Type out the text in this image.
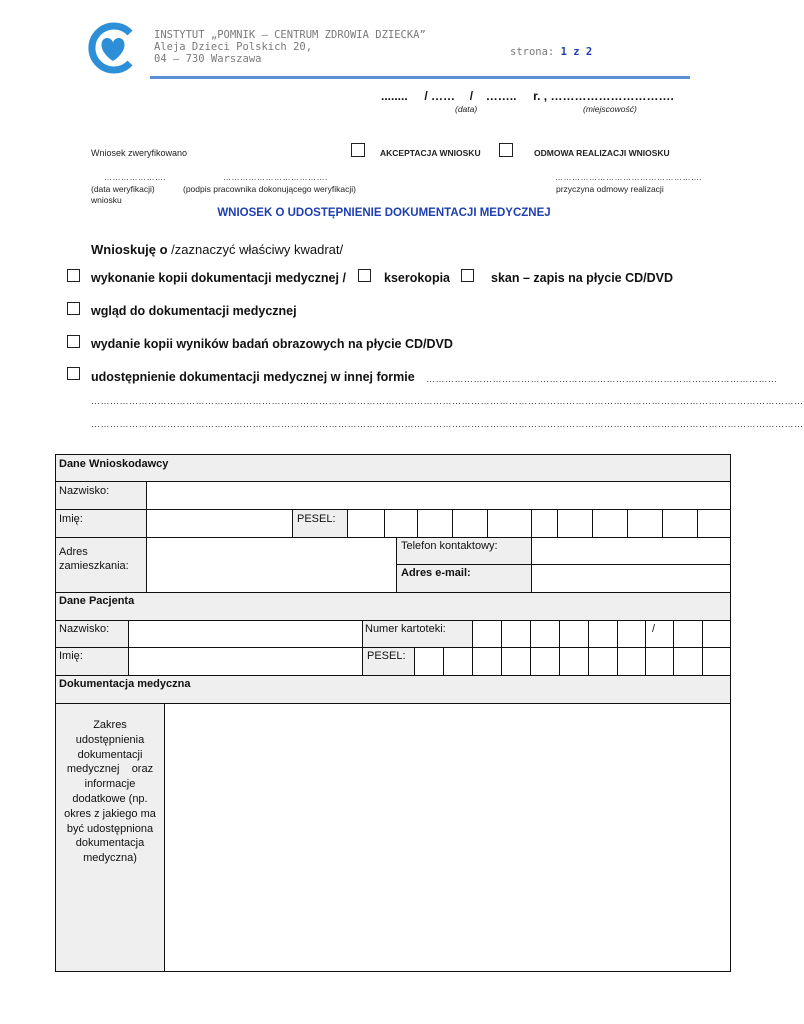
INSTYTUT „POMNIK – CENTRUM ZDROWIA DZIECKA”
Aleja Dzieci Polskich 20,
04 – 730 Warszawa
strona: 1 z 2
........ / …… / …….. r. , ………………………….
(data)	(miejscowość)
Wniosek zweryfikowano	AKCEPTACJA WNIOSKU	ODMOWA REALIZACJI WNIOSKU
………………….	……………………………….	…………………………………………….
(data weryfikacji)
wniosku
(podpis pracownika dokonującego weryfikacji)	przyczyna odmowy realizacji
WNIOSEK O UDOSTĘPNIENIE DOKUMENTACJI MEDYCZNEJ
Wnioskuję o /zaznaczyć właściwy kwadrat/
wykonanie kopii dokumentacji medycznej /	kserokopia	skan – zapis na płycie CD/DVD
wgląd do dokumentacji medycznej
wydanie kopii wyników badań obrazowych na płycie CD/DVD
udostępnienie dokumentacji medycznej w innej formie …………………………………………………………………………………………………
………………………………………………………………………………………………………………………………………………………………………………………………………
………………………………………………………………………………………………………………………………………………………………………………………………………
Dane Wnioskodawcy
Nazwisko:
Imię:	PESEL:
Adres
zamieszkania:
Telefon kontaktowy:
Adres e-mail:
Dane Pacjenta
Nazwisko:	Numer kartoteki:	/
Imię:	PESEL:
Dokumentacja medyczna
Zakres
udostępnienia
dokumentacji
medycznej    oraz
informacje
dodatkowe (np.
okres z jakiego ma
być udostępniona
dokumentacja
medyczna)
